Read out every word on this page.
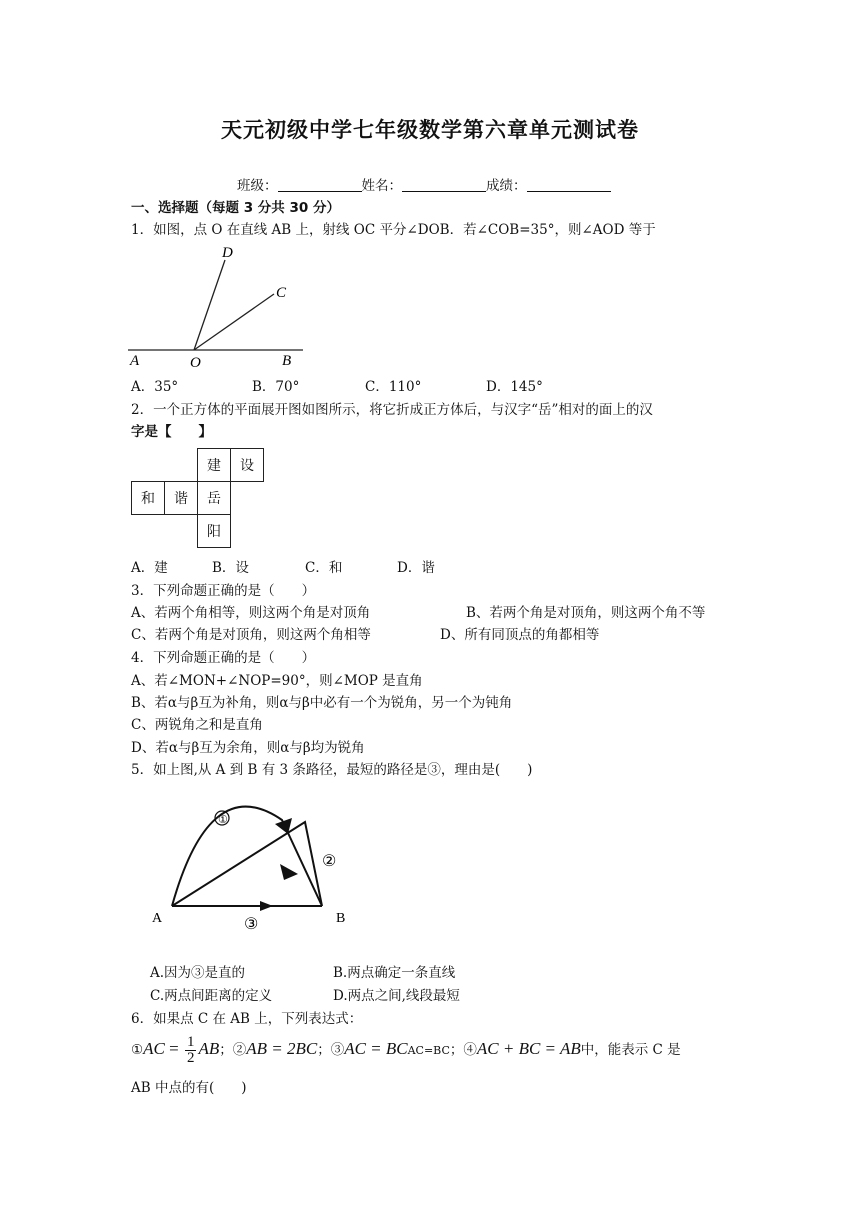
天元初级中学七年级数学第六章单元测试卷
班级：	姓名：	成绩：
一、选择题（每题 3 分共 30 分）
1．如图，点 O 在直线 AB 上，射线 OC 平分∠DOB．若∠COB=35°，则∠AOD 等于
D
C
A	O	B
A．35°	B．70°	C．110°	D．145°
2．一个正方体的平面展开图如图所示，将它折成正方体后，与汉字“岳”相对的面上的汉
字是【　　】
		建	设
和	谐	岳	
		阳	
A．建	B．设	C．和	D．谐
3．下列命题正确的是（　　）
A、若两个角相等，则这两个角是对顶角	B、若两个角是对顶角，则这两个角不等
C、若两个角是对顶角，则这两个角相等	D、所有同顶点的角都相等
4．下列命题正确的是（　　）
A、若∠MON+∠NOP=90°，则∠MOP 是直角
B、若α与β互为补角，则α与β中必有一个为锐角，另一个为钝角
C、两锐角之和是直角
D、若α与β互为余角，则α与β均为锐角
5．如上图,从 A 到 B 有 3 条路径，最短的路径是③，理由是(　　)
①
②
③
A	B
A.因为③是直的	B.两点确定一条直线
C.两点间距离的定义	D.两点之间,线段最短
6．如果点 C 在 AB 上，下列表达式：
①AC = $\frac{1}{2}$ AB；②AB = 2BC；③AC = BCAC=BC；④AC + BC = AB中，能表示 C 是
AB 中点的有(　　)
